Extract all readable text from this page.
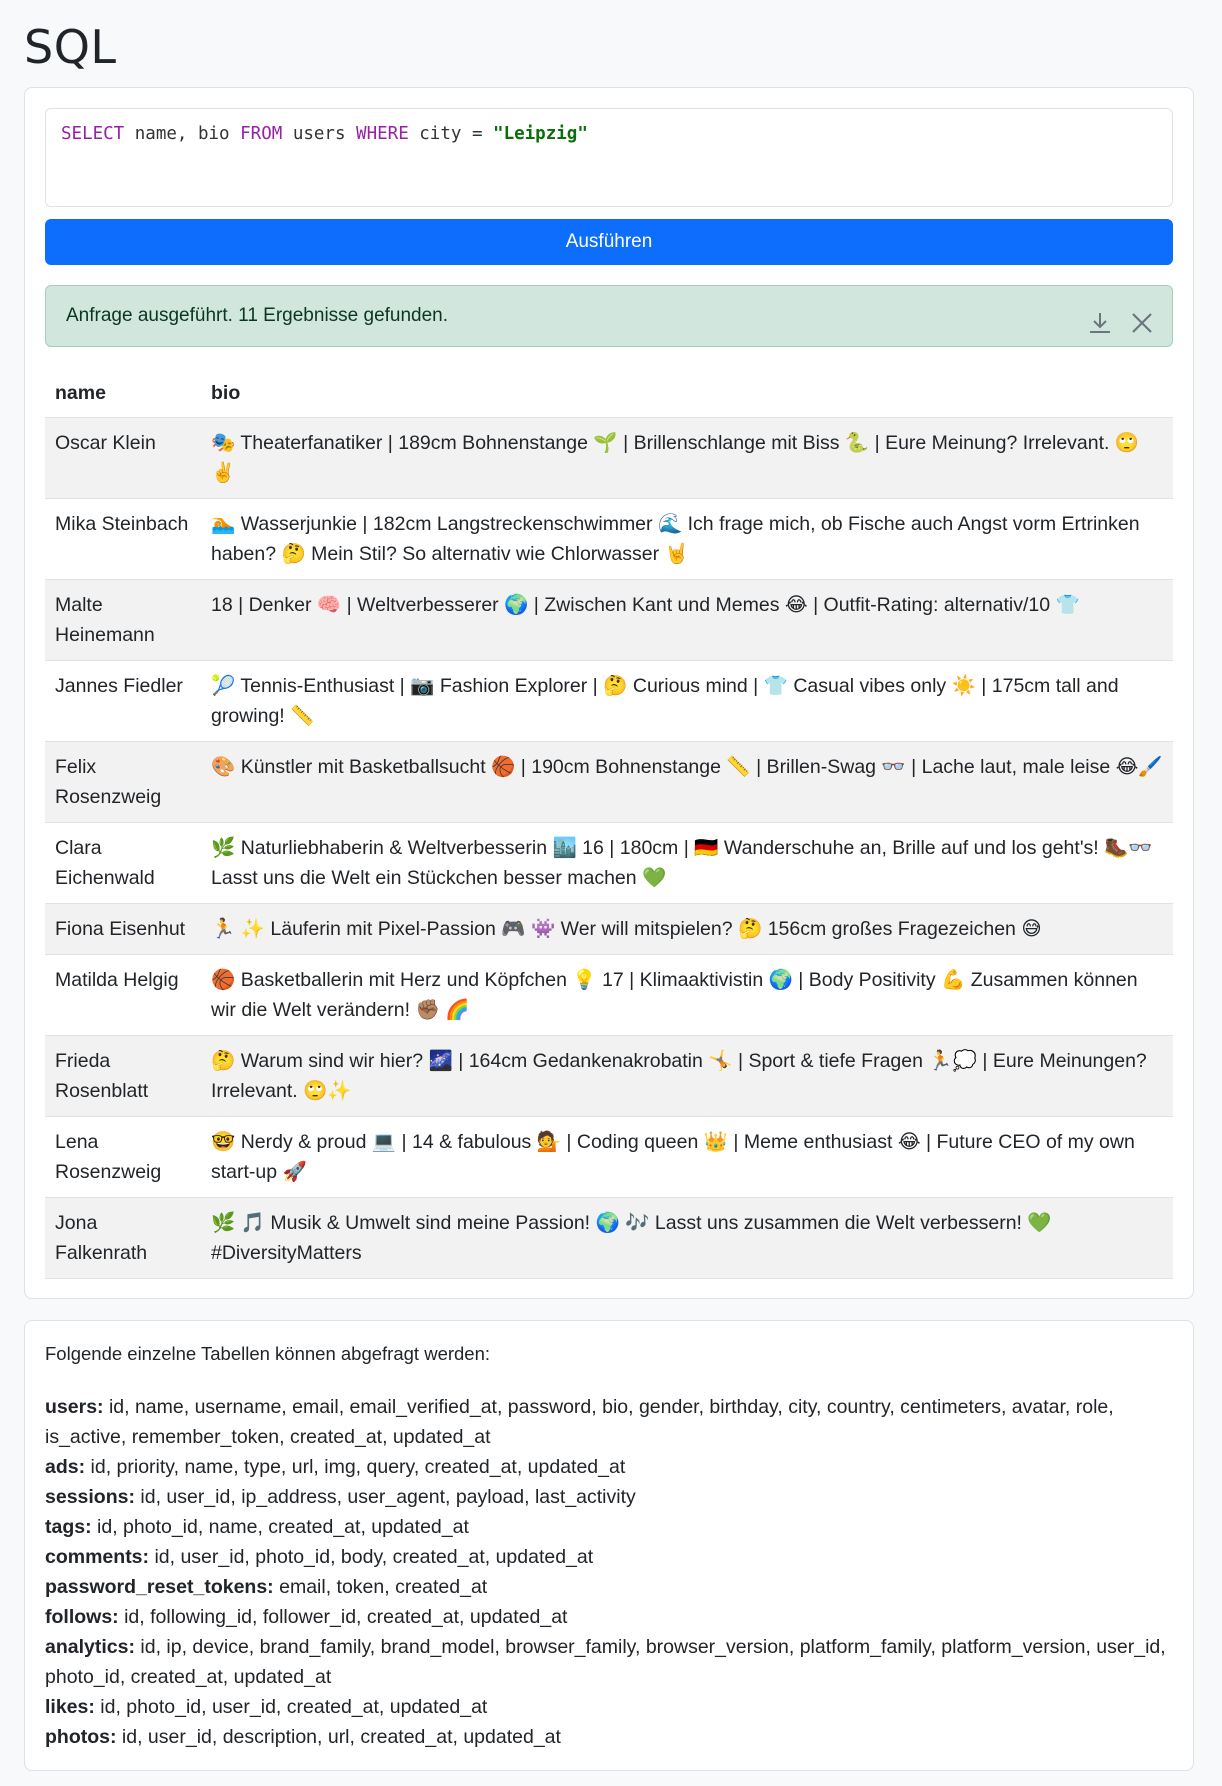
SQL
SELECT name, bio FROM users WHERE city = "Leipzig"
Ausführen
Anfrage ausgeführt. 11 Ergebnisse gefunden.
name	bio
Oscar Klein	🎭 Theaterfanatiker | 189cm Bohnenstange 🌱 | Brillenschlange mit Biss 🐍 | Eure Meinung? Irrelevant. 🙄✌️
Mika Steinbach	🏊 Wasserjunkie | 182cm Langstreckenschwimmer 🌊 Ich frage mich, ob Fische auch Angst vorm Ertrinken haben? 🤔 Mein Stil? So alternativ wie Chlorwasser 🤘
Malte Heinemann	18 | Denker 🧠 | Weltverbesserer 🌍 | Zwischen Kant und Memes 😂 | Outfit-Rating: alternativ/10 👕
Jannes Fiedler	🎾 Tennis-Enthusiast | 📷 Fashion Explorer | 🤔 Curious mind | 👕 Casual vibes only ☀️ | 175cm tall and growing! 📏
Felix Rosenzweig	🎨 Künstler mit Basketballsucht 🏀 | 190cm Bohnenstange 📏 | Brillen-Swag 👓 | Lache laut, male leise 😂🖌️
Clara Eichenwald	🌿 Naturliebhaberin & Weltverbesserin 🏙️ 16 | 180cm | 🇩🇪 Wanderschuhe an, Brille auf und los geht's! 🥾👓 Lasst uns die Welt ein Stückchen besser machen 💚
Fiona Eisenhut	🏃 ✨ Läuferin mit Pixel-Passion 🎮 👾 Wer will mitspielen? 🤔 156cm großes Fragezeichen 😅
Matilda Helgig	🏀 Basketballerin mit Herz und Köpfchen 💡 17 | Klimaaktivistin 🌍 | Body Positivity 💪 Zusammen können wir die Welt verändern! ✊🏽 🌈
Frieda Rosenblatt	🤔 Warum sind wir hier? 🌌 | 164cm Gedankenakrobatin 🤸 | Sport & tiefe Fragen 🏃💭 | Eure Meinungen? Irrelevant. 🙄✨
Lena Rosenzweig	🤓 Nerdy & proud 💻 | 14 & fabulous 💁 | Coding queen 👑 | Meme enthusiast 😂 | Future CEO of my own start-up 🚀
Jona Falkenrath	🌿 🎵 Musik & Umwelt sind meine Passion! 🌍 🎶 Lasst uns zusammen die Welt verbessern! 💚 #DiversityMatters
Folgende einzelne Tabellen können abgefragt werden:
users: id, name, username, email, email_verified_at, password, bio, gender, birthday, city, country, centimeters, avatar, role, is_active, remember_token, created_at, updated_at
ads: id, priority, name, type, url, img, query, created_at, updated_at
sessions: id, user_id, ip_address, user_agent, payload, last_activity
tags: id, photo_id, name, created_at, updated_at
comments: id, user_id, photo_id, body, created_at, updated_at
password_reset_tokens: email, token, created_at
follows: id, following_id, follower_id, created_at, updated_at
analytics: id, ip, device, brand_family, brand_model, browser_family, browser_version, platform_family, platform_version, user_id, photo_id, created_at, updated_at
likes: id, photo_id, user_id, created_at, updated_at
photos: id, user_id, description, url, created_at, updated_at
